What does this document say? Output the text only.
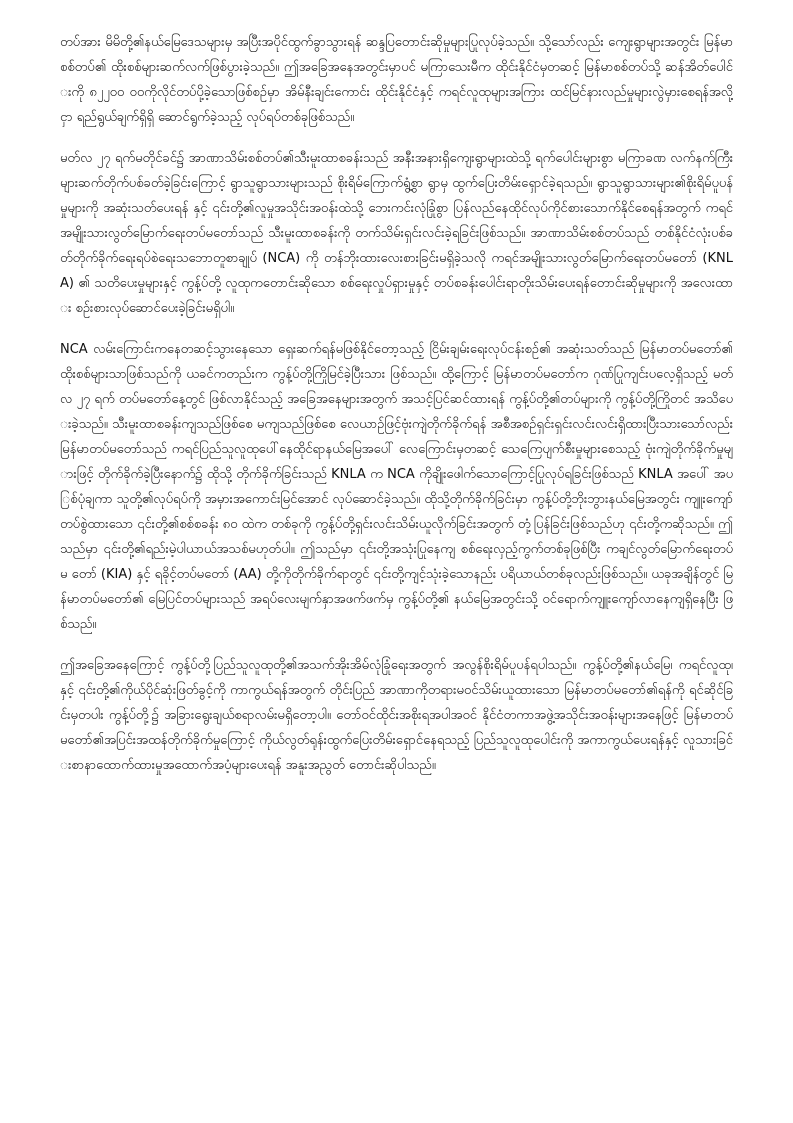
တပ်အား မိမိတို့၏နယ်မြေဒေသများမှ အပြီးအပိုင်ထွက်ခွာသွားရန် ဆန္ဒပြတောင်းဆိုမှုများပြုလုပ်ခဲ့သည်။ သို့သော်လည်း ကျေးရွာများအတွင်း မြန်မာစစ်တပ်၏ ထိုးစစ်များဆက်လက်ဖြစ်ပွားခဲ့သည်။ ဤအခြေအနေအတွင်းမှာပင် မကြာသေးမီက ထိုင်းနိုင်ငံမှတဆင့် မြန်မာစစ်တပ်သို့ ဆန်အိတ်ပေါင်းကို ၈၂၂၀ဝ ဝဝကိုလိုင်တပ်ပို့ခဲ့သောဖြစ်စဉ်မှာ အိမ်နီးချင်းကောင်း ထိုင်းနိုင်ငံနှင့် ကရင်လူထုများအကြား ထင်မြင်နားလည်မှုများလွဲမှားစေရန်အလို့ငှာ ရည်ရွယ်ချက်ရှိရှိ ဆောင်ရွက်ခဲ့သည့် လုပ်ရပ်တစ်ခုဖြစ်သည်။

မတ်လ ၂၇ ရက်မတိုင်ခင်၌ အာဏာသိမ်းစစ်တပ်၏သီးမူးထာစခန်းသည် အနီးအနားရှိကျေးရွာများထဲသို့ ရက်ပေါင်းများစွာ မကြာခဏ လက်နက်ကြီးများဆက်တိုက်ပစ်ခတ်ခဲ့ခြင်းကြောင့် ရွာသူရွာသားများသည် စိုးရိမ်ကြောက်ရွံ့စွာ ရွာမှ ထွက်ပြေးတိမ်းရှောင်ခဲ့ရသည်။ ရွာသူရွာသားများ၏စိုးရိမ်ပူပန်မှုများကို အဆုံးသတ်ပေးရန် နှင့် ၎င်းတို့၏လူမှုအသိုင်းအဝန်းထဲသို့ ဘေးကင်းလုံခြုံစွာ ပြန်လည်နေထိုင်လုပ်ကိုင်စားသောက်နိုင်စေရန်အတွက် ကရင်အမျိုးသားလွတ်မြောက်ရေးတပ်မတော်သည် သီးမူးထာစခန်းကို တက်သိမ်းရှင်းလင်းခဲ့ရခြင်းဖြစ်သည်။ အာဏာသိမ်းစစ်တပ်သည် တစ်နိုင်ငံလုံးပစ်ခတ်တိုက်ခိုက်ရေးရပ်စဲရေးသဘောတူစာချုပ် (NCA) ကို တန်ဘိုးထားလေးစားခြင်းမရှိခဲ့သလို ကရင်အမျိုးသားလွတ်မြောက်ရေးတပ်မတော် (KNLA) ၏ သတိပေးမှုများနှင့် ကွန့်ပ်တို့ လူထုကတောင်းဆိုသော စစ်ရေးလှုပ်ရှားမှုနှင့် တပ်စခန်းပေါင်းရာတိုးသိမ်းပေးရန်တောင်းဆိုမှုများကို အလေးထား စဉ်းစားလုပ်ဆောင်ပေးခဲ့ခြင်းမရှိပါ။

NCA လမ်းကြောင်းကနေတဆင့်သွားနေသော ရှေးဆက်ရန်မဖြစ်နိုင်တော့သည့် ငြိမ်းချမ်းရေးလုပ်ငန်းစဉ်၏ အဆုံးသတ်သည် မြန်မာတပ်မတော်၏ထိုးစစ်များသာဖြစ်သည်ကို ယခင်ကတည်းက ကွန့်ပ်တို့ကြိုမြင်ခဲ့ပြီးသား ဖြစ်သည်။ ထို့ကြောင့် မြန်မာတပ်မတော်က ဂုဏ်ပြုကျင်းပလေ့ရှိသည့် မတ်လ ၂၇ ရက် တပ်မတော်နေ့တွင် ဖြစ်လာနိုင်သည့် အခြေအနေများအတွက် အသင့်ပြင်ဆင်ထားရန် ကွန့်ပ်တို့၏တပ်များကို ကွန့်ပ်တို့ကြိုတင် အသိပေးခဲ့သည်။ သီးမူးထာစခန်းကျသည်ဖြစ်စေ မကျသည်ဖြစ်စေ လေယာဉ်ဖြင့်ဗုံးကျဲတိုက်ခိုက်ရန် အစီအစဉ်ရှင်းရှင်းလင်းလင်းရှိထားပြီးသားသော်လည်း မြန်မာတပ်မတော်သည် ကရင်ပြည်သူလူထုပေါ်နေထိုင်ရာနယ်မြေအပေါ် လေကြောင်းမှတဆင့် သေကြေပျက်စီးမှုများစေသည့် ဗုံးကျဲတိုက်ခိုက်မှုများဖြင့် တိုက်ခိုက်ခဲ့ပြီးနောက်၌ ထိုသို့ တိုက်ခိုက်ခြင်းသည် KNLA က NCA ကိုချိုးဖေါက်သောကြောင့်ပြုလုပ်ရခြင်းဖြစ်သည် KNLA အပေါ် အပြစ်ပုံချကာ သူတို့၏လုပ်ရပ်ကို အမှားအကောင်းမြင်အောင် လုပ်ဆောင်ခဲ့သည်။ ထိုသို့တိုက်ခိုက်ခြင်းမှာ ကွန့်ပ်တို့ဘိုးဘွားနယ်မြေအတွင်း ကျူးကျော်တပ်စွဲထားသော ၎င်းတို့၏စစ်စခန်း ၈၀ ထဲက တစ်ခုကို ကွန့်ပ်တို့ရှင်းလင်းသိမ်းယူလိုက်ခြင်းအတွက် တုံ့ပြန်ခြင်းဖြစ်သည်ဟု ၎င်းတို့ကဆိုသည်။ ဤသည်မှာ ၎င်းတို့၏ရည်းမဲ့ပါယာယ်အသစ်မဟုတ်ပါ။ ဤသည်မှာ ၎င်းတို့အသုံးပြုနေကျ စစ်ရေးလှည့်ကွက်တစ်ခုဖြစ်ပြီး ကချင်လွတ်မြောက်ရေးတပ်မ တော် (KIA) နှင့် ရခိုင့်တပ်မတော် (AA) တို့ကိုတိုက်ခိုက်ရာတွင် ၎င်းတို့ကျင့်သုံးခဲ့သောနည်း ပရိယာယ်တစ်ခုလည်းဖြစ်သည်။ ယခုအချိန်တွင် မြန်မာတပ်မတော်၏ မြေပြင်တပ်များသည် အရပ်လေးမျက်နှာအဖက်ဖက်မှ ကွန့်ပ်တို့၏ နယ်မြေအတွင်းသို့ ဝင်ရောက်ကျူးကျော်လာနေကျရှိနေပြီး ဖြစ်သည်။

ဤအခြေအနေကြောင့် ကွန့်ပ်တို့ပြည်သူလူထုတို့၏အသက်အိုးအိမ်လုံခြုံရေးအတွက် အလွန်စိုးရိမ်ပူပန်ရပါသည်။ ကွန့်ပ်တို့၏နယ်မြေ၊ ကရင်လူထု၊ နှင့် ၎င်းတို့၏ကိုယ်ပိုင်ဆုံးဖြတ်ခွင့်ကို ကာကွယ်ရန်အတွက် တိုင်းပြည် အာဏာကိုတရားမဝင်သိမ်းယူထားသော မြန်မာတပ်မတော်၏ရန်ကို ရင်ဆိုင်ခြင်းမှတပါး ကွန့်ပ်တို့၌ အခြားရွေးချယ်စရာလမ်းမရှိတော့ပါ။ တော်ဝင်ထိုင်းအစိုးရအပါအဝင် နိုင်ငံတကာအဖွဲ့အသိုင်းအဝန်းများအနေဖြင့် မြန်မာတပ်မတော်၏အပြင်းအထန်တိုက်ခိုက်မှုကြောင့် ကိုယ်လွတ်ရုန်းထွက်ပြေးတိမ်းရှောင်နေရသည့် ပြည်သူလူထုပေါင်းကို အကာကွယ်ပေးရန်နှင့် လူသားခြင်းစာနာထောက်ထားမှုအထောက်အပံ့များပေးရန် အနူးအညွတ် တောင်းဆိုပါသည်။
